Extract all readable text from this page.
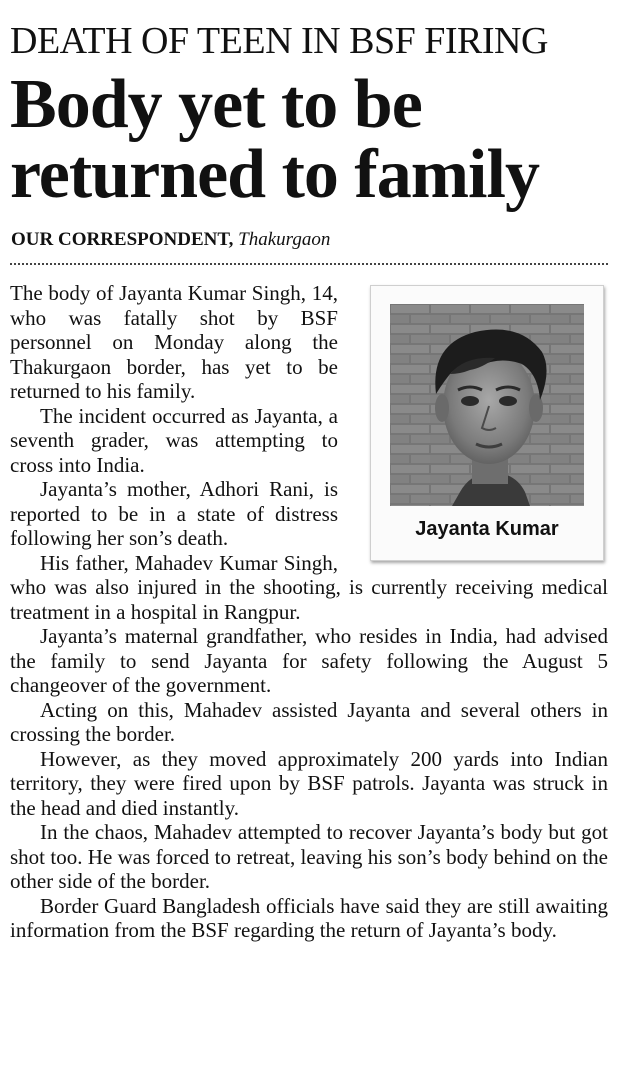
DEATH OF TEEN IN BSF FIRING
Body yet to be
returned to family
OUR CORRESPONDENT, Thakurgaon

The body of Jayanta Kumar Singh, 14, who was fatally shot by BSF personnel on Monday along the Thakurgaon border, has yet to be returned to his family.

The incident occurred as Jayanta, a seventh grader, was attempting to cross into India.

Jayanta’s mother, Adhori Rani, is reported to be in a state of distress following her son’s death.

His father, Mahadev Kumar Singh, who was also injured in the shooting, is currently receiving medical treatment in a hospital in Rangpur.

Jayanta’s maternal grandfather, who resides in India, had advised the family to send Jayanta for safety following the August 5 changeover of the government.

Acting on this, Mahadev assisted Jayanta and several others in crossing the border.

However, as they moved approximately 200 yards into Indian territory, they were fired upon by BSF patrols. Jayanta was struck in the head and died instantly.

In the chaos, Mahadev attempted to recover Jayanta’s body but got shot too. He was forced to retreat, leaving his son’s body behind on the other side of the border.

Border Guard Bangladesh officials have said they are still awaiting information from the BSF regarding the return of Jayanta’s body.

Jayanta Kumar
